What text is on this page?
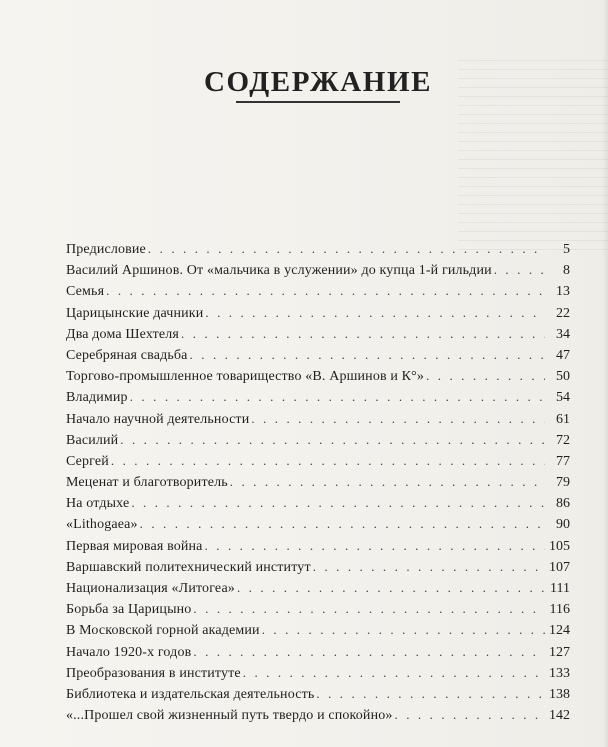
СОДЕРЖАНИЕ
Предисловие . . .	5
Василий Аршинов. От «мальчика в услужении» до купца 1-й гильдии . . .	8
Семья . . .	13
Царицынские дачники . . .	22
Два дома Шехтеля . . .	34
Серебряная свадьба . . .	47
Торгово-промышленное товарищество «В. Аршинов и К°» . . .	50
Владимир . . .	54
Начало научной деятельности . . .	61
Василий . . .	72
Сергей . . .	77
Меценат и благотворитель . . .	79
На отдыхе . . .	86
«Lithogaea» . . .	90
Первая мировая война . . .	105
Варшавский политехнический институт . . .	107
Национализация «Литогеа» . . .	111
Борьба за Царицыно . . .	116
В Московской горной академии . . .	124
Начало 1920-х годов . . .	127
Преобразования в институте . . .	133
Библиотека и издательская деятельность . . .	138
«...Прошел свой жизненный путь твердо и спокойно» . . .	142
